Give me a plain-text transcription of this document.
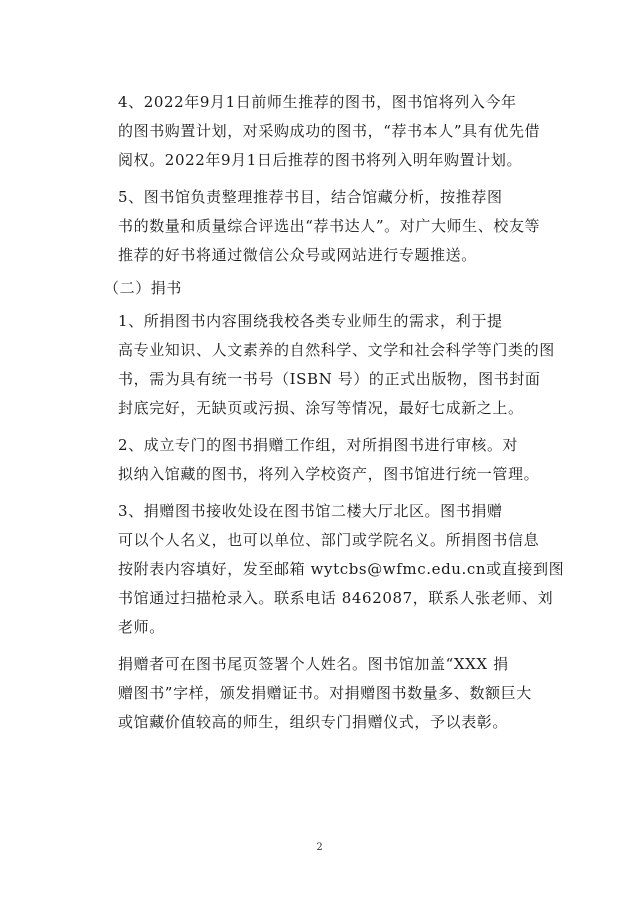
4、2022年9月1日前师生推荐的图书，图书馆将列入今年
的图书购置计划，对采购成功的图书，“荐书本人”具有优先借
阅权。2022年9月1日后推荐的图书将列入明年购置计划。

5、图书馆负责整理推荐书目，结合馆藏分析，按推荐图
书的数量和质量综合评选出“荐书达人”。对广大师生、校友等
推荐的好书将通过微信公众号或网站进行专题推送。

（二）捐书

1、所捐图书内容围绕我校各类专业师生的需求，利于提
高专业知识、人文素养的自然科学、文学和社会科学等门类的图
书，需为具有统一书号（ISBN 号）的正式出版物，图书封面
封底完好，无缺页或污损、涂写等情况，最好七成新之上。

2、成立专门的图书捐赠工作组，对所捐图书进行审核。对
拟纳入馆藏的图书，将列入学校资产，图书馆进行统一管理。

3、捐赠图书接收处设在图书馆二楼大厅北区。图书捐赠
可以个人名义，也可以单位、部门或学院名义。所捐图书信息
按附表内容填好，发至邮箱 wytcbs@wfmc.edu.cn或直接到图
书馆通过扫描枪录入。联系电话 8462087，联系人张老师、刘
老师。

捐赠者可在图书尾页签署个人姓名。图书馆加盖“XXX 捐
赠图书”字样，颁发捐赠证书。对捐赠图书数量多、数额巨大
或馆藏价值较高的师生，组织专门捐赠仪式，予以表彰。

2
